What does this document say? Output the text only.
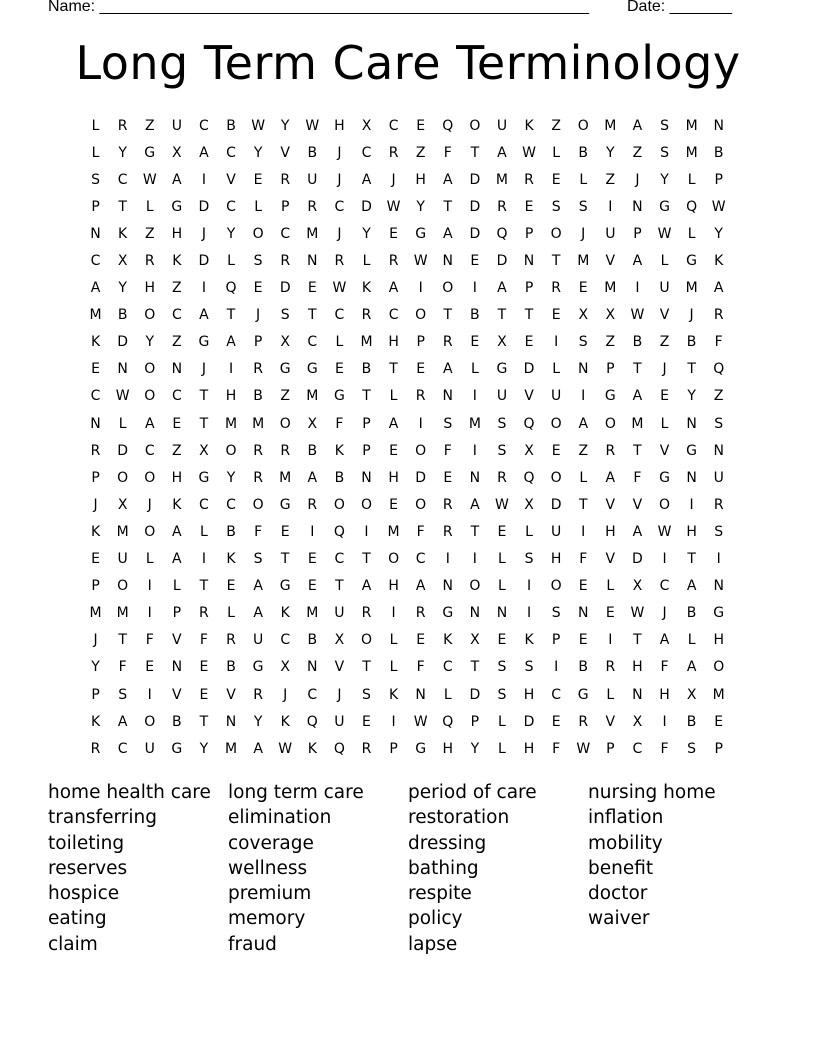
Name: _______________________________________________________ Date: _______
Long Term Care Terminology
L	R	Z	U	C	B	W	Y	W	H	X	C	E	Q	O	U	K	Z	O	M	A	S	M	N
L	Y	G	X	A	C	Y	V	B	J	C	R	Z	F	T	A	W	L	B	Y	Z	S	M	B
S	C	W	A	I	V	E	R	U	J	A	J	H	A	D	M	R	E	L	Z	J	Y	L	P
P	T	L	G	D	C	L	P	R	C	D	W	Y	T	D	R	E	S	S	I	N	G	Q	W
N	K	Z	H	J	Y	O	C	M	J	Y	E	G	A	D	Q	P	O	J	U	P	W	L	Y
C	X	R	K	D	L	S	R	N	R	L	R	W	N	E	D	N	T	M	V	A	L	G	K
A	Y	H	Z	I	Q	E	D	E	W	K	A	I	O	I	A	P	R	E	M	I	U	M	A
M	B	O	C	A	T	J	S	T	C	R	C	O	T	B	T	T	E	X	X	W	V	J	R
K	D	Y	Z	G	A	P	X	C	L	M	H	P	R	E	X	E	I	S	Z	B	Z	B	F
E	N	O	N	J	I	R	G	G	E	B	T	E	A	L	G	D	L	N	P	T	J	T	Q
C	W	O	C	T	H	B	Z	M	G	T	L	R	N	I	U	V	U	I	G	A	E	Y	Z
N	L	A	E	T	M	M	O	X	F	P	A	I	S	M	S	Q	O	A	O	M	L	N	S
R	D	C	Z	X	O	R	R	B	K	P	E	O	F	I	S	X	E	Z	R	T	V	G	N
P	O	O	H	G	Y	R	M	A	B	N	H	D	E	N	R	Q	O	L	A	F	G	N	U
J	X	J	K	C	C	O	G	R	O	O	E	O	R	A	W	X	D	T	V	V	O	I	R
K	M	O	A	L	B	F	E	I	Q	I	M	F	R	T	E	L	U	I	H	A	W	H	S
E	U	L	A	I	K	S	T	E	C	T	O	C	I	I	L	S	H	F	V	D	I	T	I
P	O	I	L	T	E	A	G	E	T	A	H	A	N	O	L	I	O	E	L	X	C	A	N
M	M	I	P	R	L	A	K	M	U	R	I	R	G	N	N	I	S	N	E	W	J	B	G
J	T	F	V	F	R	U	C	B	X	O	L	E	K	X	E	K	P	E	I	T	A	L	H
Y	F	E	N	E	B	G	X	N	V	T	L	F	C	T	S	S	I	B	R	H	F	A	O
P	S	I	V	E	V	R	J	C	J	S	K	N	L	D	S	H	C	G	L	N	H	X	M
K	A	O	B	T	N	Y	K	Q	U	E	I	W	Q	P	L	D	E	R	V	X	I	B	E
R	C	U	G	Y	M	A	W	K	Q	R	P	G	H	Y	L	H	F	W	P	C	F	S	P
home health care
transferring
toileting
reserves
hospice
eating
claim
long term care
elimination
coverage
wellness
premium
memory
fraud
period of care
restoration
dressing
bathing
respite
policy
lapse
nursing home
inflation
mobility
benefit
doctor
waiver
